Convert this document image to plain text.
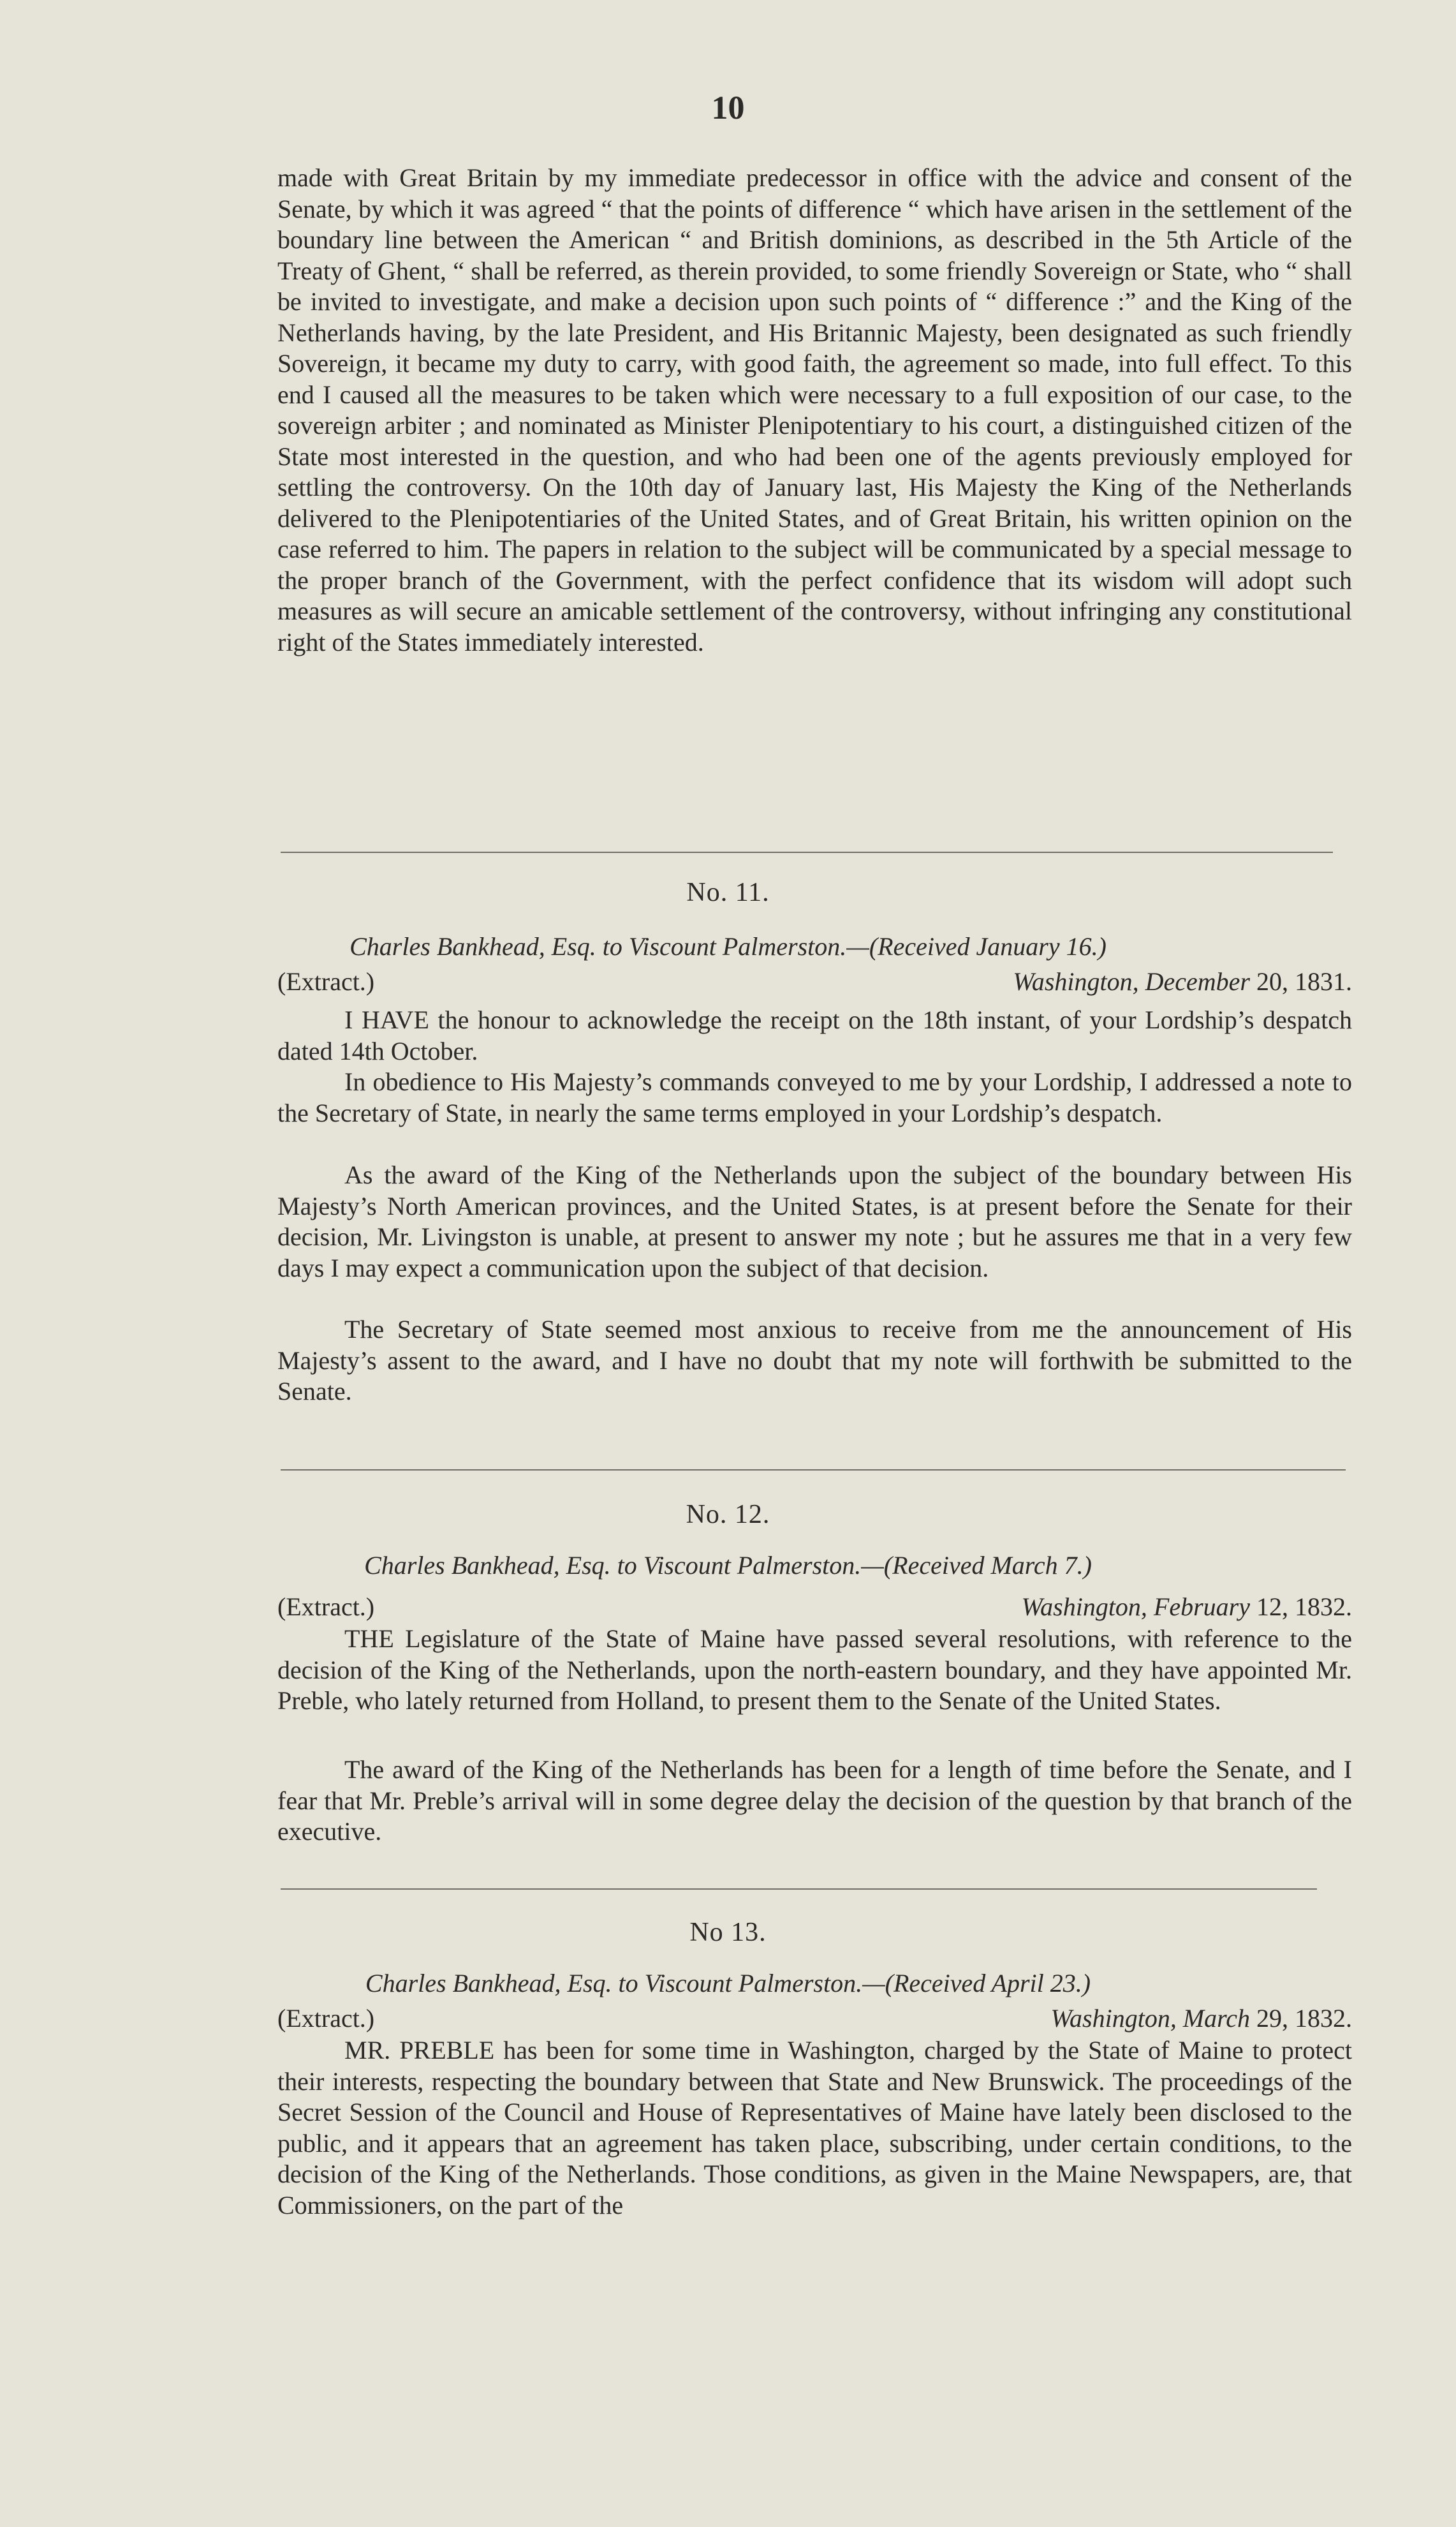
10

made with Great Britain by my immediate predecessor in office with the advice and consent of the Senate, by which it was agreed “ that the points of difference “ which have arisen in the settlement of the boundary line between the American “ and British dominions, as described in the 5th Article of the Treaty of Ghent, “ shall be referred, as therein provided, to some friendly Sovereign or State, who “ shall be invited to investigate, and make a decision upon such points of “ difference :” and the King of the Netherlands having, by the late President, and His Britannic Majesty, been designated as such friendly Sovereign, it became my duty to carry, with good faith, the agreement so made, into full effect. To this end I caused all the measures to be taken which were necessary to a full exposition of our case, to the sovereign arbiter ; and nominated as Minister Plenipotentiary to his court, a distinguished citizen of the State most interested in the question, and who had been one of the agents previously employed for settling the controversy. On the 10th day of January last, His Majesty the King of the Netherlands delivered to the Plenipotentiaries of the United States, and of Great Britain, his written opinion on the case referred to him. The papers in relation to the subject will be communicated by a special message to the proper branch of the Government, with the perfect confidence that its wisdom will adopt such measures as will secure an amicable settlement of the controversy, without infringing any constitutional right of the States immediately interested.

No. 11.
Charles Bankhead, Esq. to Viscount Palmerston.—(Received January 16.)
(Extract.)	Washington, December 20, 1831.

I HAVE the honour to acknowledge the receipt on the 18th instant, of your Lordship’s despatch dated 14th October.

In obedience to His Majesty’s commands conveyed to me by your Lordship, I addressed a note to the Secretary of State, in nearly the same terms employed in your Lordship’s despatch.

As the award of the King of the Netherlands upon the subject of the boundary between His Majesty’s North American provinces, and the United States, is at present before the Senate for their decision, Mr. Livingston is unable, at present to answer my note ; but he assures me that in a very few days I may expect a communication upon the subject of that decision.

The Secretary of State seemed most anxious to receive from me the announcement of His Majesty’s assent to the award, and I have no doubt that my note will forthwith be submitted to the Senate.

No. 12.
Charles Bankhead, Esq. to Viscount Palmerston.—(Received March 7.)
(Extract.)	Washington, February 12, 1832.

THE Legislature of the State of Maine have passed several resolutions, with reference to the decision of the King of the Netherlands, upon the north-eastern boundary, and they have appointed Mr. Preble, who lately returned from Holland, to present them to the Senate of the United States.

The award of the King of the Netherlands has been for a length of time before the Senate, and I fear that Mr. Preble’s arrival will in some degree delay the decision of the question by that branch of the executive.

No 13.
Charles Bankhead, Esq. to Viscount Palmerston.—(Received April 23.)
(Extract.)	Washington, March 29, 1832.

MR. PREBLE has been for some time in Washington, charged by the State of Maine to protect their interests, respecting the boundary between that State and New Brunswick. The proceedings of the Secret Session of the Council and House of Representatives of Maine have lately been disclosed to the public, and it appears that an agreement has taken place, subscribing, under certain conditions, to the decision of the King of the Netherlands. Those conditions, as given in the Maine Newspapers, are, that Commissioners, on the part of the
